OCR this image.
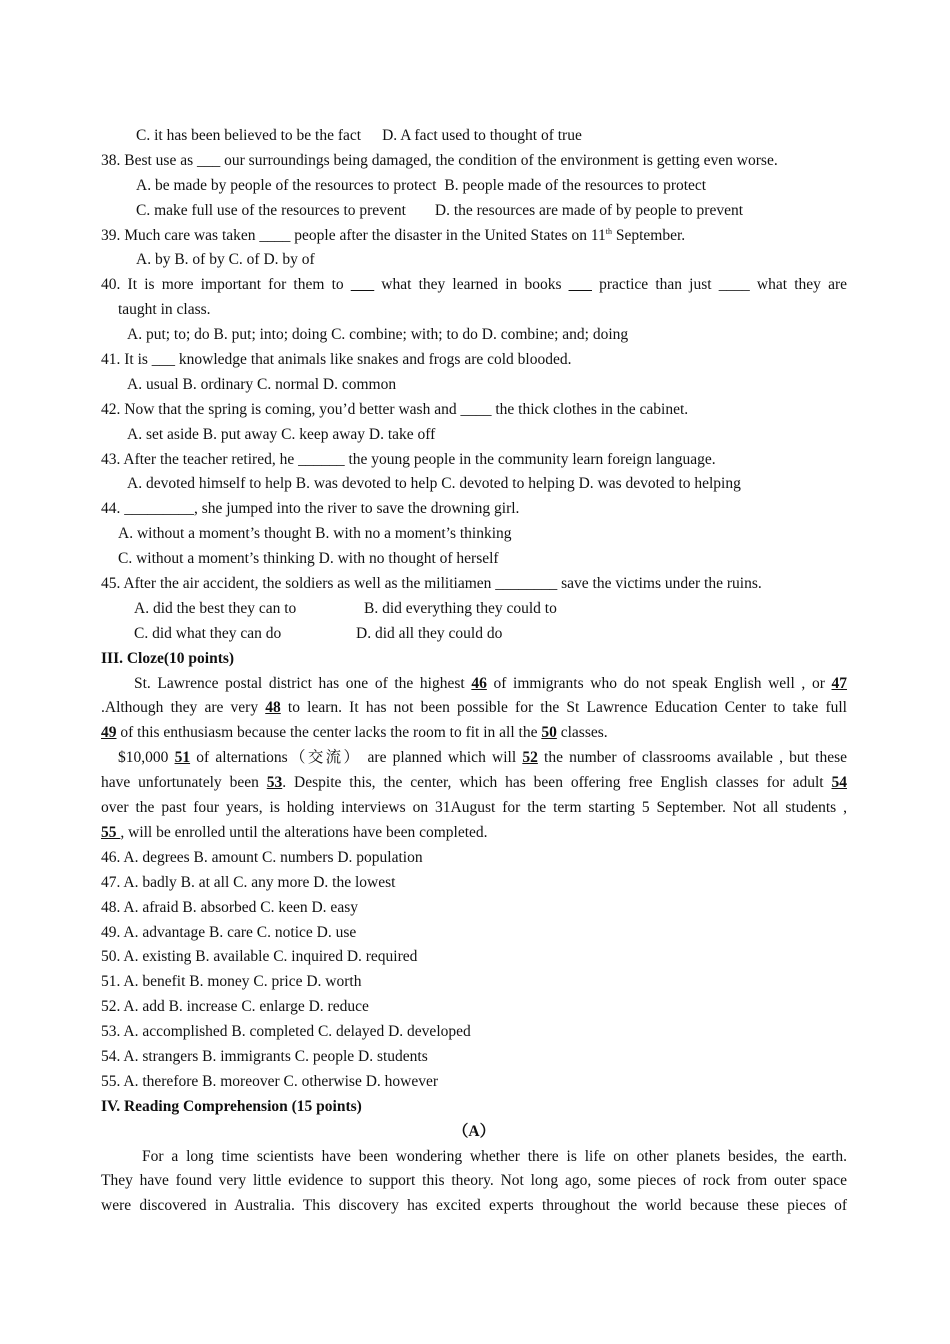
C. it has been believed to be the fact D. A fact used to thought of true
38. Best use as ___ our surroundings being damaged, the condition of the environment is getting even worse.
A. be made by people of the resources to protect B. people made of the resources to protect
C. make full use of the resources to prevent D. the resources are made of by people to prevent
39. Much care was taken ____ people after the disaster in the United States on 11th September.
A. by B. of by C. of D. by of
40. It is more important for them to ___ what they learned in books ___ practice than just ____ what they are
taught in class.
A. put; to; do B. put; into; doing C. combine; with; to do D. combine; and; doing
41. It is ___ knowledge that animals like snakes and frogs are cold blooded.
A. usual B. ordinary C. normal D. common
42. Now that the spring is coming, you’d better wash and ____ the thick clothes in the cabinet.
A. set aside B. put away C. keep away D. take off
43. After the teacher retired, he ______ the young people in the community learn foreign language.
A. devoted himself to help B. was devoted to help C. devoted to helping D. was devoted to helping
44. _________, she jumped into the river to save the drowning girl.
A. without a moment’s thought B. with no a moment’s thinking
C. without a moment’s thinking D. with no thought of herself
45. After the air accident, the soldiers as well as the militiamen ________ save the victims under the ruins.
A. did the best they can to	B. did everything they could to
C. did what they can do	D. did all they could do
III. Cloze(10 points)
St. Lawrence postal district has one of the highest 46 of immigrants who do not speak English well , or 47
.Although they are very 48 to learn. It has not been possible for the St Lawrence Education Center to take full
49 of this enthusiasm because the center lacks the room to fit in all the 50 classes.
$10,000 51 of alternations（交流） are planned which will 52 the number of classrooms available , but these
have unfortunately been 53. Despite this, the center, which has been offering free English classes for adult 54
over the past four years, is holding interviews on 31August for the term starting 5 September. Not all students ,
55 , will be enrolled until the alterations have been completed.
46. A. degrees B. amount C. numbers D. population
47. A. badly B. at all C. any more D. the lowest
48. A. afraid B. absorbed C. keen D. easy
49. A. advantage B. care C. notice D. use
50. A. existing B. available C. inquired D. required
51. A. benefit B. money C. price D. worth
52. A. add B. increase C. enlarge D. reduce
53. A. accomplished B. completed C. delayed D. developed
54. A. strangers B. immigrants C. people D. students
55. A. therefore B. moreover C. otherwise D. however
IV. Reading Comprehension (15 points)
（A）
For a long time scientists have been wondering whether there is life on other planets besides, the earth.
They have found very little evidence to support this theory. Not long ago, some pieces of rock from outer space
were discovered in Australia. This discovery has excited experts throughout the world because these pieces of
